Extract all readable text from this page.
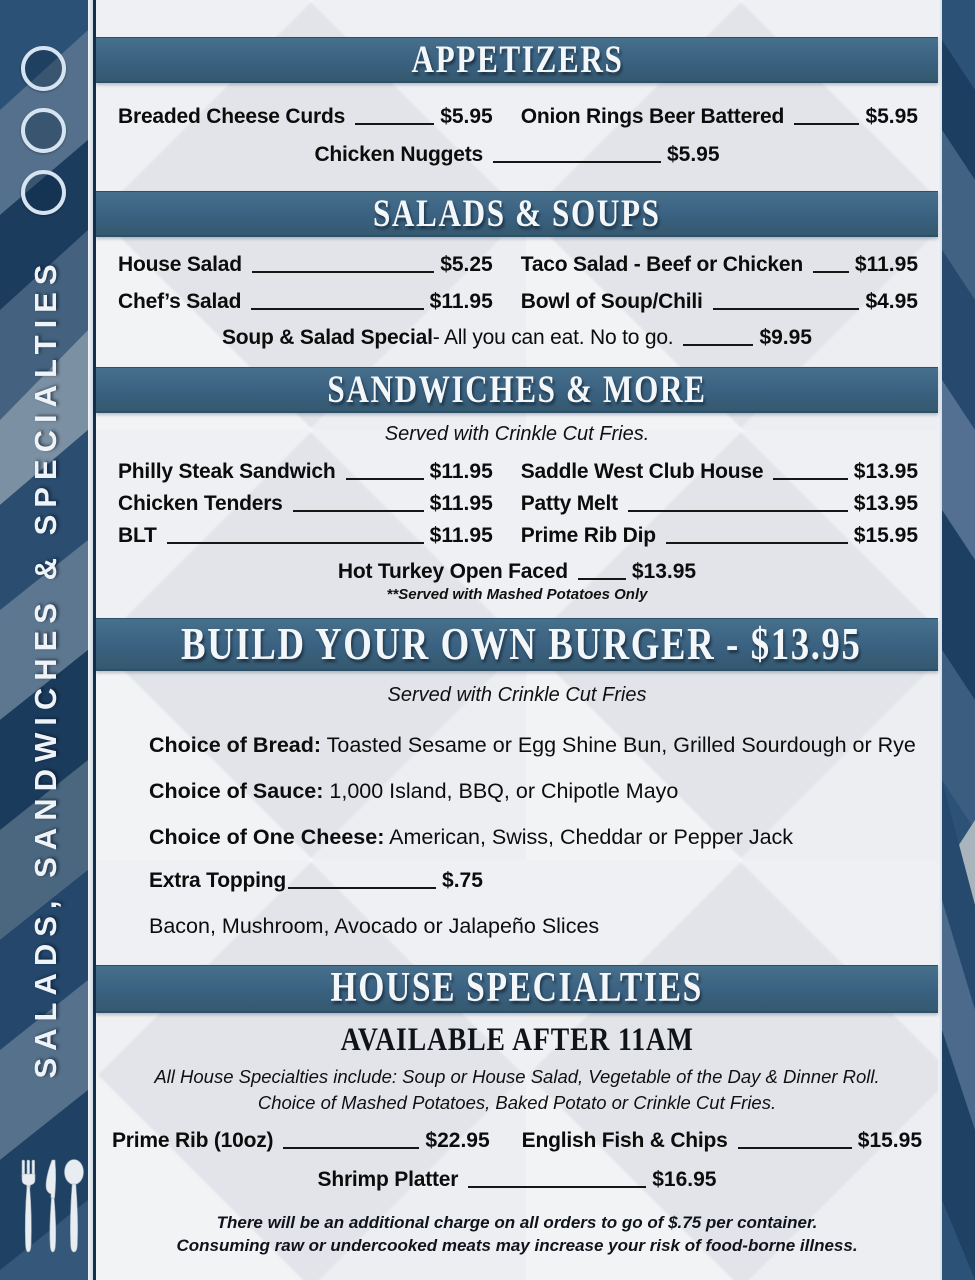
SALADS, SANDWICHES & SPECIALTIES
APPETIZERS
Breaded Cheese Curds	$5.95 Onion Rings Beer Battered	$5.95
Chicken Nuggets	$5.95
SALADS & SOUPS
House Salad	$5.25 Taco Salad - Beef or Chicken $11.95
Chef’s Salad	$11.95 Bowl of Soup/Chili	$4.95
Soup & Salad Special - All you can eat. No to go.	$9.95
SANDWICHES & MORE
Served with Crinkle Cut Fries.
Philly Steak Sandwich	$11.95 Saddle West Club House	$13.95
Chicken Tenders	$11.95 Patty Melt	$13.95
BLT	$11.95 Prime Rib Dip	$15.95
Hot Turkey Open Faced	$13.95
**Served with Mashed Potatoes Only
BUILD YOUR OWN BURGER - $13.95
Served with Crinkle Cut Fries
Choice of Bread: Toasted Sesame or Egg Shine Bun, Grilled Sourdough or Rye
Choice of Sauce: 1,000 Island, BBQ, or Chipotle Mayo
Choice of One Cheese: American, Swiss, Cheddar or Pepper Jack
Extra Topping	$.75
Bacon, Mushroom, Avocado or Jalapeño Slices
HOUSE SPECIALTIES
AVAILABLE AFTER 11AM
All House Specialties include: Soup or House Salad, Vegetable of the Day & Dinner Roll.
Choice of Mashed Potatoes, Baked Potato or Crinkle Cut Fries.
Prime Rib (10oz)	$22.95 English Fish & Chips	$15.95
Shrimp Platter	$16.95
There will be an additional charge on all orders to go of $.75 per container.
Consuming raw or undercooked meats may increase your risk of food-borne illness.
